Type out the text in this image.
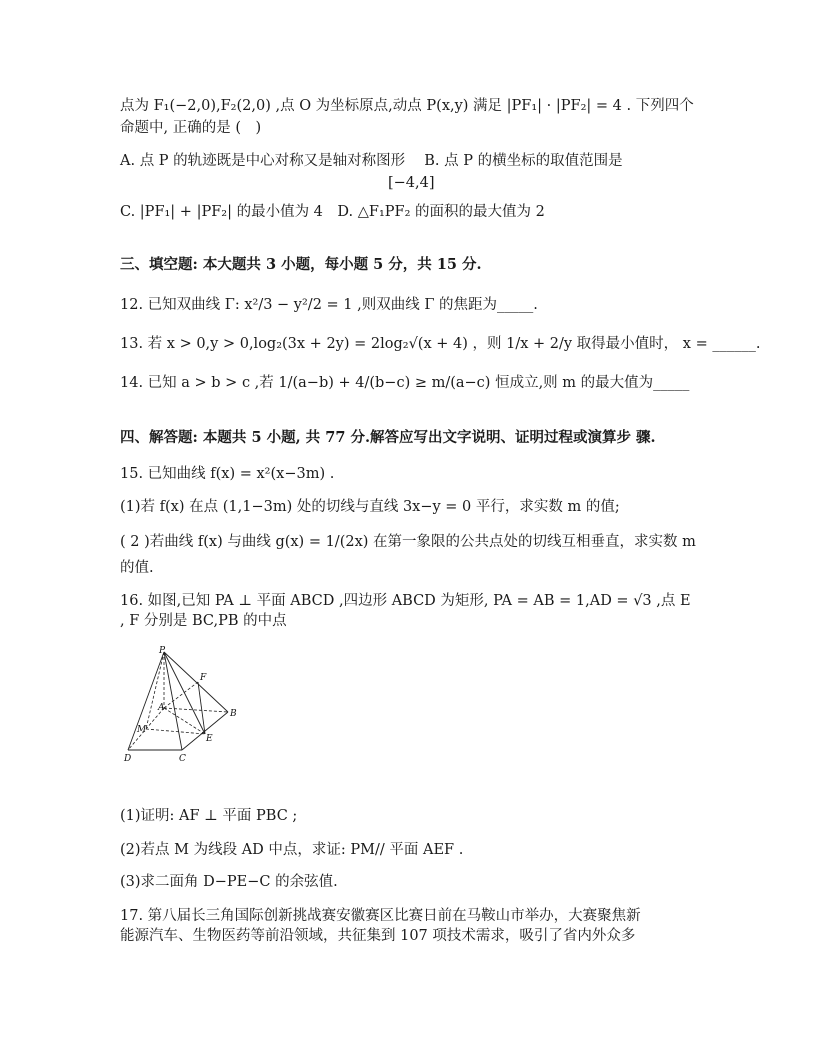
点为 F₁(−2,0),F₂(2,0) ,点 O 为坐标原点,动点 P(x,y) 满足 |PF₁| · |PF₂| = 4 . 下列四个
命题中, 正确的是 (　)
A. 点 P 的轨迹既是中心对称又是轴对称图形　 B. 点 P 的横坐标的取值范围是
[−4,4]
C. |PF₁| + |PF₂| 的最小值为 4　D. △F₁PF₂ 的面积的最大值为 2
三、填空题: 本大题共 3 小题，每小题 5 分，共 15 分.
12. 已知双曲线 Γ: x²/3 − y²/2 = 1 ,则双曲线 Γ 的焦距为_____.
13. 若 x > 0,y > 0,log₂(3x + 2y) = 2log₂√(x + 4) ，则 1/x + 2/y 取得最小值时， x = ______.
14. 已知 a > b > c ,若 1/(a−b) + 4/(b−c) ≥ m/(a−c) 恒成立,则 m 的最大值为_____
四、解答题: 本题共 5 小题, 共 77 分.解答应写出文字说明、证明过程或演算步 骤.
15. 已知曲线 f(x) = x²(x−3m) .
(1)若 f(x) 在点 (1,1−3m) 处的切线与直线 3x−y = 0 平行，求实数 m 的值;
( 2 )若曲线 f(x) 与曲线 g(x) = 1/(2x) 在第一象限的公共点处的切线互相垂直，求实数 m
的值.
16. 如图,已知 PA ⊥ 平面 ABCD ,四边形 ABCD 为矩形, PA = AB = 1,AD = √3 ,点 E
, F 分别是 BC,PB 的中点
P
F
A
B
M
E
D	C
(1)证明: AF ⊥ 平面 PBC ;
(2)若点 M 为线段 AD 中点，求证: PM// 平面 AEF .
(3)求二面角 D−PE−C 的余弦值.
17. 第八届长三角国际创新挑战赛安徽赛区比赛日前在马鞍山市举办，大赛聚焦新
能源汽车、生物医药等前沿领域，共征集到 107 项技术需求，吸引了省内外众多
